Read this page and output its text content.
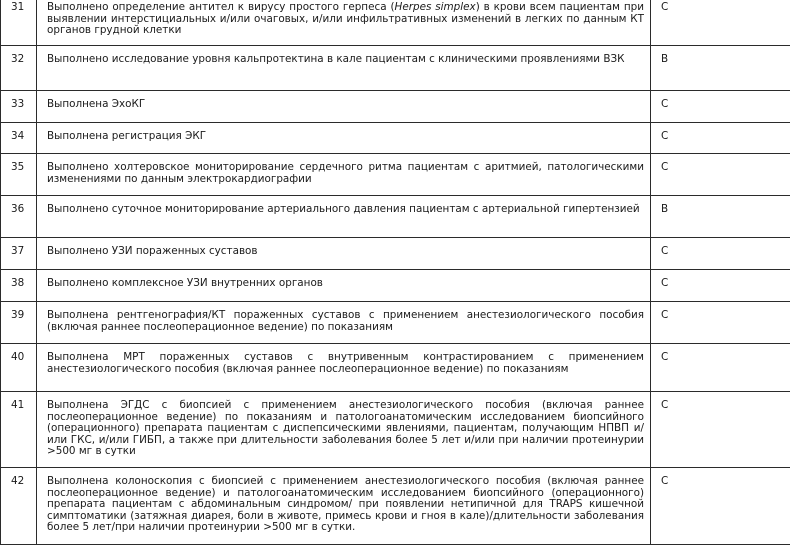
31	Выполнено определение антител к вирусу простого герпеса (Herpes simplex) в крови всем пациентам при выявлении интерстициальных и/или очаговых, и/или инфильтративных изменений в легких по данным КТ органов грудной клетки	C
32	Выполнено исследование уровня кальпротектина в кале пациентам с клиническими проявлениями ВЗК	B
33	Выполнена ЭхоКГ	C
34	Выполнена регистрация ЭКГ	C
35	Выполнено холтеровское мониторирование сердечного ритма пациентам с аритмией, патологическими изменениями по данным электрокардиографии	C
36	Выполнено суточное мониторирование артериального давления пациентам с артериальной гипертензией	B
37	Выполнено УЗИ пораженных суставов	C
38	Выполнено комплексное УЗИ внутренних органов	C
39	Выполнена рентгенография/КТ пораженных суставов с применением анестезиологического пособия (включая раннее послеоперационное ведение) по показаниям	C
40	Выполнена МРТ пораженных суставов с внутривенным контрастированием с применением анестезиологического пособия (включая раннее послеоперационное ведение) по показаниям	C
41	Выполнена ЭГДС с биопсией с применением анестезиологического пособия (включая раннее послеоперационное ведение) по показаниям и патологоанатомическим исследованием биопсийного (операционного) препарата пациентам с диспепсическими явлениями, пациентам, получающим НПВП и/или ГКС, и/или ГИБП, а также при длительности заболевания более 5 лет и/или при наличии протеинурии >500 мг в сутки	C
42	Выполнена колоноскопия с биопсией с применением анестезиологического пособия (включая раннее послеоперационное ведение) и патологоанатомическим исследованием биопсийного (операционного) препарата пациентам с абдоминальным синдромом/ при появлении нетипичной для TRAPS кишечной симптоматики (затяжная диарея, боли в животе, примесь крови и гноя в кале)/длительности заболевания более 5 лет/при наличии протеинурии >500 мг в сутки.	C
